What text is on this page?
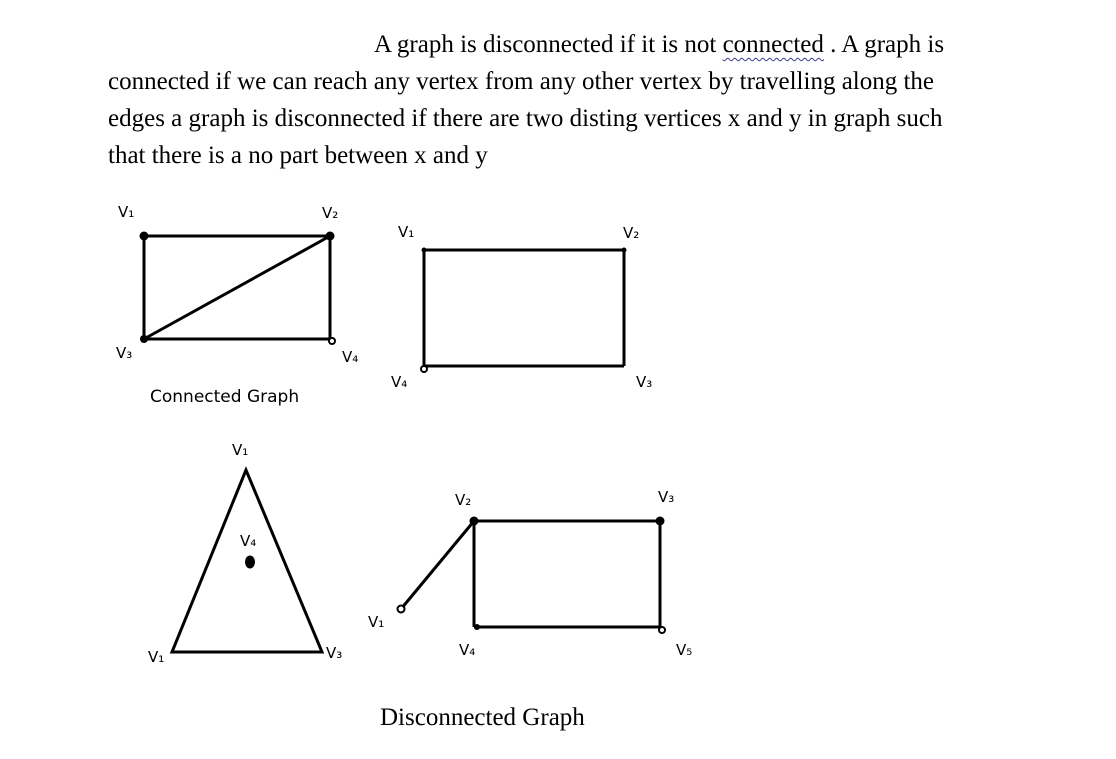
A graph is disconnected if it is not connected . A graph is
connected if we can reach any vertex from any other vertex by travelling along the
edges a graph is disconnected if there are two disting vertices x and y in graph such
that there is a no part between x and y
V₁	V₂
V₃	V₄
Connected Graph
V₁	V₂
V₄	V₃
V₁
V₄
V₁	V₃
V₂	V₃
V₁
V₄	V₅
Disconnected Graph
